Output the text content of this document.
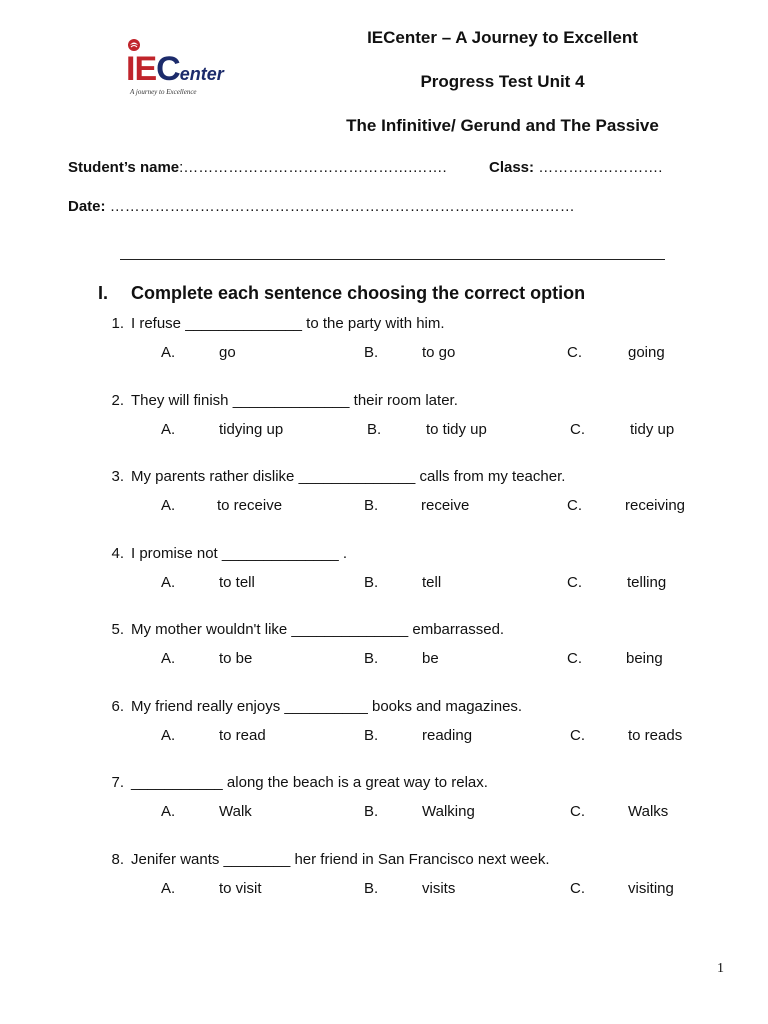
IECenter
A journey to Excellence
IECenter – A Journey to Excellent
Progress Test Unit 4
The Infinitive/ Gerund and The Passive
Student’s name:……………………………………….…….	Class: …………………….
Date: …………………………………………………………………………………
I. Complete each sentence choosing the correct option
1. I refuse ______________ to the party with him.
A.	go	B.	to go	C.	going
2. They will finish ______________ their room later.
A.	tidying up	B.	to tidy up	C.	tidy up
3. My parents rather dislike ______________ calls from my teacher.
A.	to receive	B.	receive	C.	receiving
4. I promise not ______________ .
A.	to tell	B.	tell	C.	telling
5. My mother wouldn't like ______________ embarrassed.
A.	to be	B.	be	C.	being
6. My friend really enjoys __________ books and magazines.
A.	to read	B.	reading	C.	to reads
7. ___________ along the beach is a great way to relax.
A.	Walk	B.	Walking	C.	Walks
8. Jenifer wants ________ her friend in San Francisco next week.
A.	to visit	B.	visits	C.	visiting
1
